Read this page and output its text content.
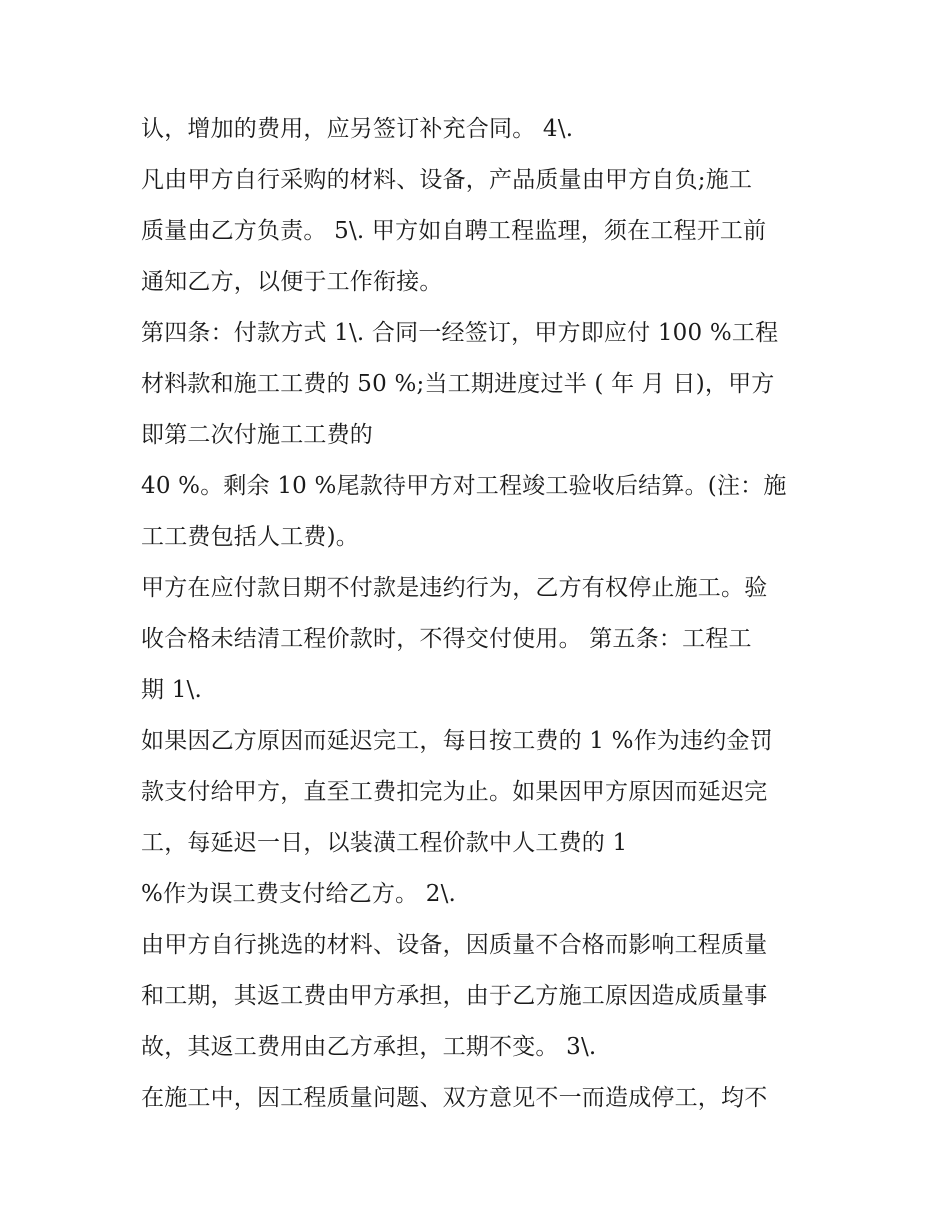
认，增加的费用，应另签订补充合同。 4\.
凡由甲方自行采购的材料、设备，产品质量由甲方自负;施工
质量由乙方负责。 5\. 甲方如自聘工程监理，须在工程开工前
通知乙方，以便于工作衔接。
第四条：付款方式 1\. 合同一经签订，甲方即应付 100 %工程
材料款和施工工费的 50 %;当工期进度过半 ( 年 月 日)，甲方
即第二次付施工工费的
40 %。剩余 10 %尾款待甲方对工程竣工验收后结算。(注：施
工工费包括人工费)。
甲方在应付款日期不付款是违约行为，乙方有权停止施工。验
收合格未结清工程价款时，不得交付使用。 第五条：工程工
期 1\.
如果因乙方原因而延迟完工，每日按工费的 1 %作为违约金罚
款支付给甲方，直至工费扣完为止。如果因甲方原因而延迟完
工，每延迟一日，以装潢工程价款中人工费的 1
%作为误工费支付给乙方。 2\.
由甲方自行挑选的材料、设备，因质量不合格而影响工程质量
和工期，其返工费由甲方承担，由于乙方施工原因造成质量事
故，其返工费用由乙方承担，工期不变。 3\.
在施工中，因工程质量问题、双方意见不一而造成停工，均不
